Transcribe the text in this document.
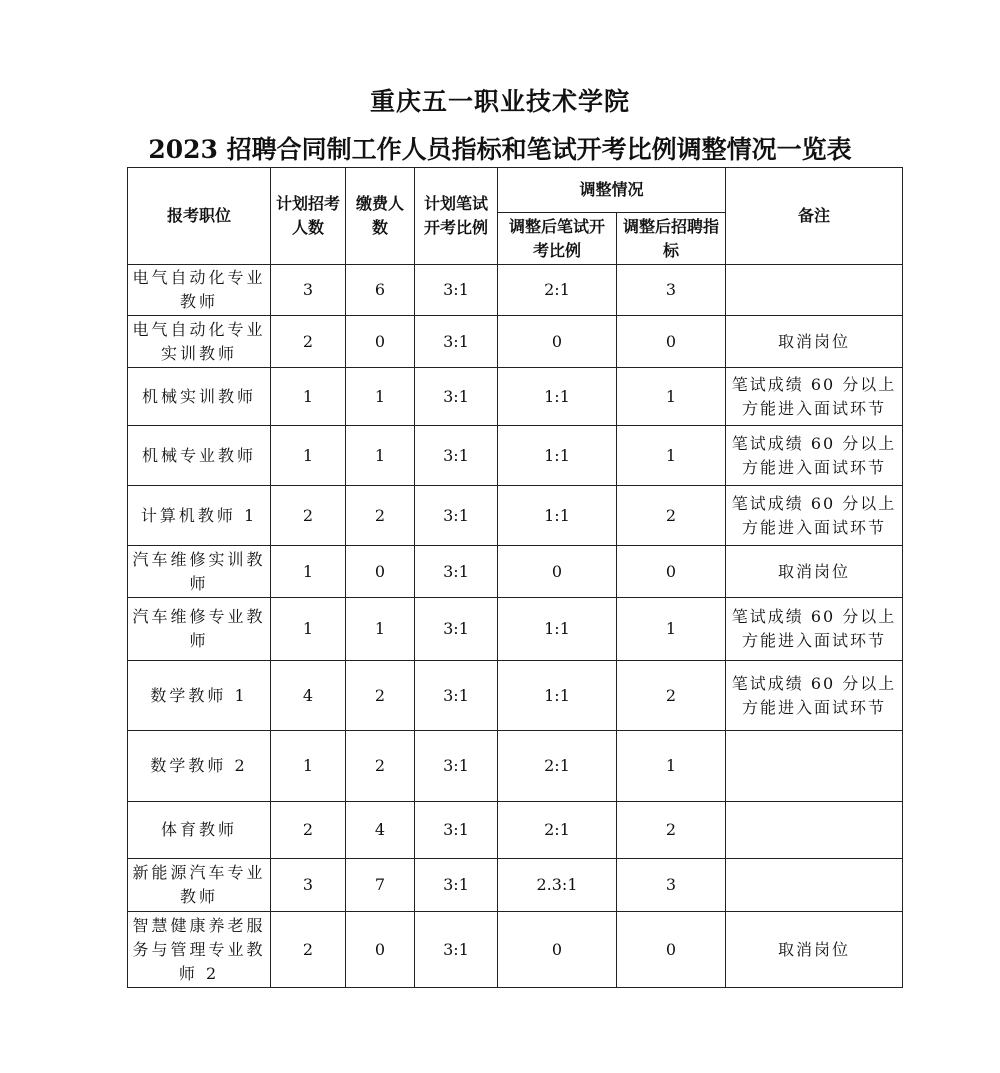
重庆五一职业技术学院
2023 招聘合同制工作人员指标和笔试开考比例调整情况一览表
报考职位	计划招考人数	缴费人数	计划笔试开考比例	调整情况		备注
				调整后笔试开考比例	调整后招聘指标	
电气自动化专业教师	3	6	3:1	2:1	3	
电气自动化专业实训教师	2	0	3:1	0	0	取消岗位
机械实训教师	1	1	3:1	1:1	1	笔试成绩 60 分以上方能进入面试环节
机械专业教师	1	1	3:1	1:1	1	笔试成绩 60 分以上方能进入面试环节
计算机教师 1	2	2	3:1	1:1	2	笔试成绩 60 分以上方能进入面试环节
汽车维修实训教师	1	0	3:1	0	0	取消岗位
汽车维修专业教师	1	1	3:1	1:1	1	笔试成绩 60 分以上方能进入面试环节
数学教师 1	4	2	3:1	1:1	2	笔试成绩 60 分以上方能进入面试环节
数学教师 2	1	2	3:1	2:1	1	
体育教师	2	4	3:1	2:1	2	
新能源汽车专业教师	3	7	3:1	2.3:1	3	
智慧健康养老服务与管理专业教师 2	2	0	3:1	0	0	取消岗位
